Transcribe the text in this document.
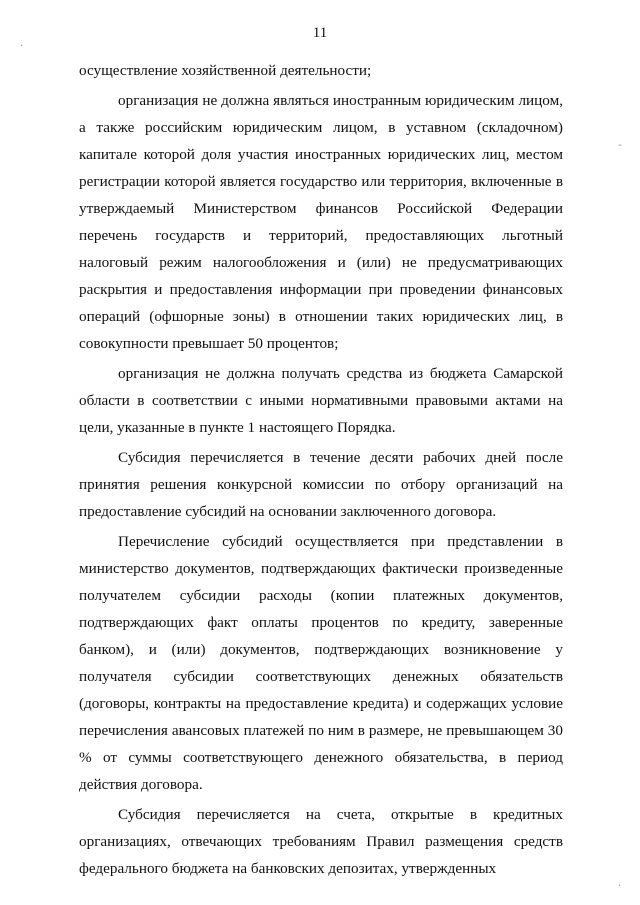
11

осуществление хозяйственной деятельности;

организация не должна являться иностранным юридическим лицом, а также российским юридическим лицом, в уставном (складочном) капитале которой доля участия иностранных юридических лиц, местом регистрации которой является государство или территория, включенные в утверждаемый Министерством финансов Российской Федерации перечень государств и территорий, предоставляющих льготный налоговый режим налогообложения и (или) не предусматривающих раскрытия и предоставления информации при проведении финансовых операций (офшорные зоны) в отношении таких юридических лиц, в совокупности превышает 50 процентов;

организация не должна получать средства из бюджета Самарской области в соответствии с иными нормативными правовыми актами на цели, указанные в пункте 1 настоящего Порядка.

Субсидия перечисляется в течение десяти рабочих дней после принятия решения конкурсной комиссии по отбору организаций на предоставление субсидий на основании заключенного договора.

Перечисление субсидий осуществляется при представлении в министерство документов, подтверждающих фактически произведенные получателем субсидии расходы (копии платежных документов, подтверждающих факт оплаты процентов по кредиту, заверенные банком), и (или) документов, подтверждающих возникновение у получателя субсидии соответствующих денежных обязательств (договоры, контракты на предоставление кредита) и содержащих условие перечисления авансовых платежей по ним в размере, не превышающем 30 % от суммы соответствующего денежного обязательства, в период действия договора.

Субсидия перечисляется на счета, открытые в кредитных организациях, отвечающих требованиям Правил размещения средств федерального бюджета на банковских депозитах, утвержденных

.
-
.
